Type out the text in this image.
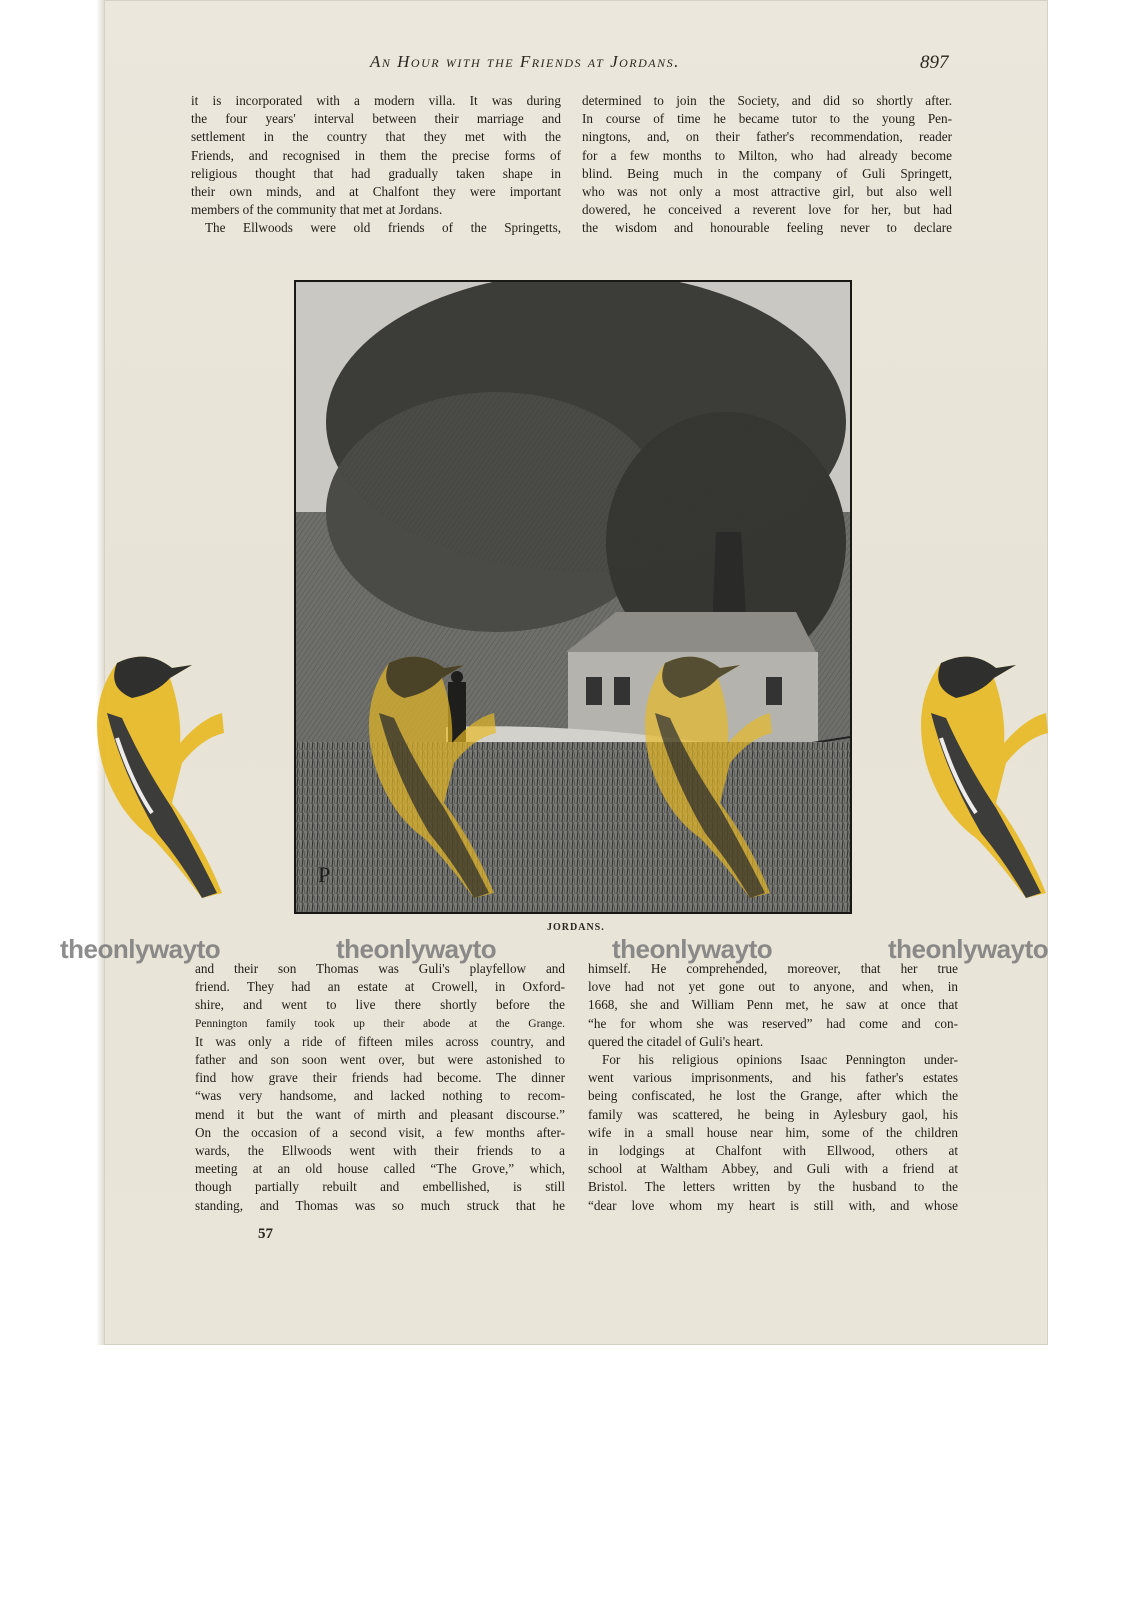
An Hour with the Friends at Jordans.	897
it is incorporated with a modern villa. It was during
the four years' interval between their marriage and
settlement in the country that they met with the
Friends, and recognised in them the precise forms of
religious thought that had gradually taken shape in
their own minds, and at Chalfont they were important
members of the community that met at Jordans.
The Ellwoods were old friends of the Springetts,
determined to join the Society, and did so shortly after.
In course of time he became tutor to the young Pen-
ningtons, and, on their father's recommendation, reader
for a few months to Milton, who had already become
blind. Being much in the company of Guli Springett,
who was not only a most attractive girl, but also well
dowered, he conceived a reverent love for her, but had
the wisdom and honourable feeling never to declare
P
JORDANS.
and their son Thomas was Guli's playfellow and
friend. They had an estate at Crowell, in Oxford-
shire, and went to live there shortly before the
Pennington family took up their abode at the Grange.
It was only a ride of fifteen miles across country, and
father and son soon went over, but were astonished to
find how grave their friends had become. The dinner
“was very handsome, and lacked nothing to recom-
mend it but the want of mirth and pleasant discourse.”
On the occasion of a second visit, a few months after-
wards, the Ellwoods went with their friends to a
meeting at an old house called “The Grove,” which,
though partially rebuilt and embellished, is still
standing, and Thomas was so much struck that he
himself. He comprehended, moreover, that her true
love had not yet gone out to anyone, and when, in
1668, she and William Penn met, he saw at once that
“he for whom she was reserved” had come and con-
quered the citadel of Guli's heart.
For his religious opinions Isaac Pennington under-
went various imprisonments, and his father's estates
being confiscated, he lost the Grange, after which the
family was scattered, he being in Aylesbury gaol, his
wife in a small house near him, some of the children
in lodgings at Chalfont with Ellwood, others at
school at Waltham Abbey, and Guli with a friend at
Bristol. The letters written by the husband to the
“dear love whom my heart is still with, and whose
57
theonlywayto	theonlywayto	theonlywayto	theonlywayto
